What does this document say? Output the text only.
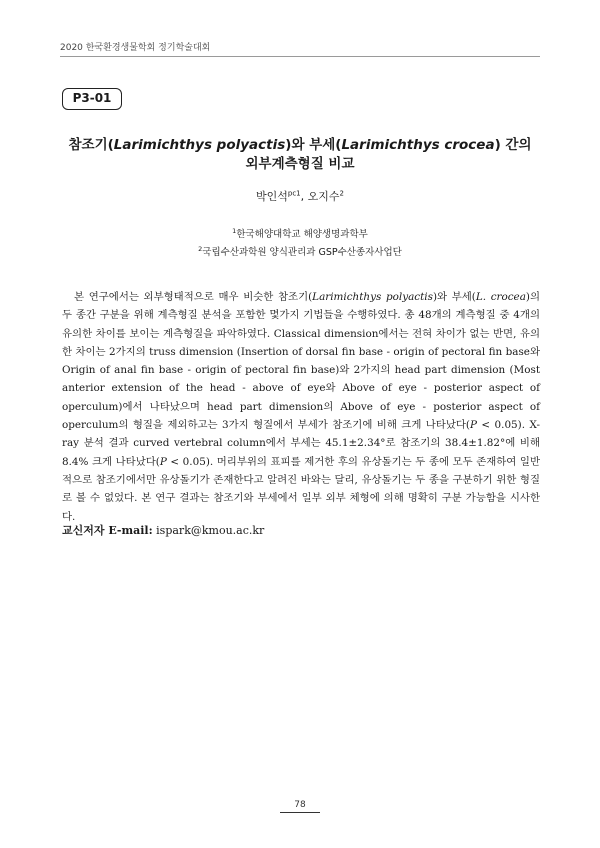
2020 한국환경생물학회 정기학술대회
P3-01
참조기(Larimichthys polyactis)와 부세(Larimichthys crocea) 간의
외부계측형질 비교
박인석$^{pc1}$, 오지수$^2$
$^1$한국해양대학교 해양생명과학부
$^2$국립수산과학원 양식관리과 GSP수산종자사업단

본 연구에서는 외부형태적으로 매우 비슷한 참조기(Larimichthys polyactis)와 부세(L. crocea)의 두 종간 구분을 위해 계측형질 분석을 포함한 몇가지 기법들을 수행하였다. 총 48개의 계측형질 중 4개의 유의한 차이를 보이는 계측형질을 파악하였다. Classical dimension에서는 전혀 차이가 없는 반면, 유의한 차이는 2가지의 truss dimension (Insertion of dorsal fin base - origin of pectoral fin base와 Origin of anal fin base - origin of pectoral fin base)와 2가지의 head part dimension (Most anterior extension of the head - above of eye와 Above of eye - posterior aspect of operculum)에서 나타났으며 head part dimension의 Above of eye - posterior aspect of operculum의 형질을 제외하고는 3가지 형질에서 부세가 참조기에 비해 크게 나타났다(P < 0.05). X-ray 분석 결과 curved vertebral column에서 부세는 45.1±2.34°로 참조기의 38.4±1.82°에 비해 8.4% 크게 나타났다(P < 0.05). 머리부위의 표피를 제거한 후의 유상돌기는 두 종에 모두 존재하여 일반적으로 참조기에서만 유상돌기가 존재한다고 알려진 바와는 달리, 유상돌기는 두 종을 구분하기 위한 형질로 볼 수 없었다. 본 연구 결과는 참조기와 부세에서 일부 외부 체형에 의해 명확히 구분 가능함을 시사한다.

교신저자 E-mail: ispark@kmou.ac.kr
78
